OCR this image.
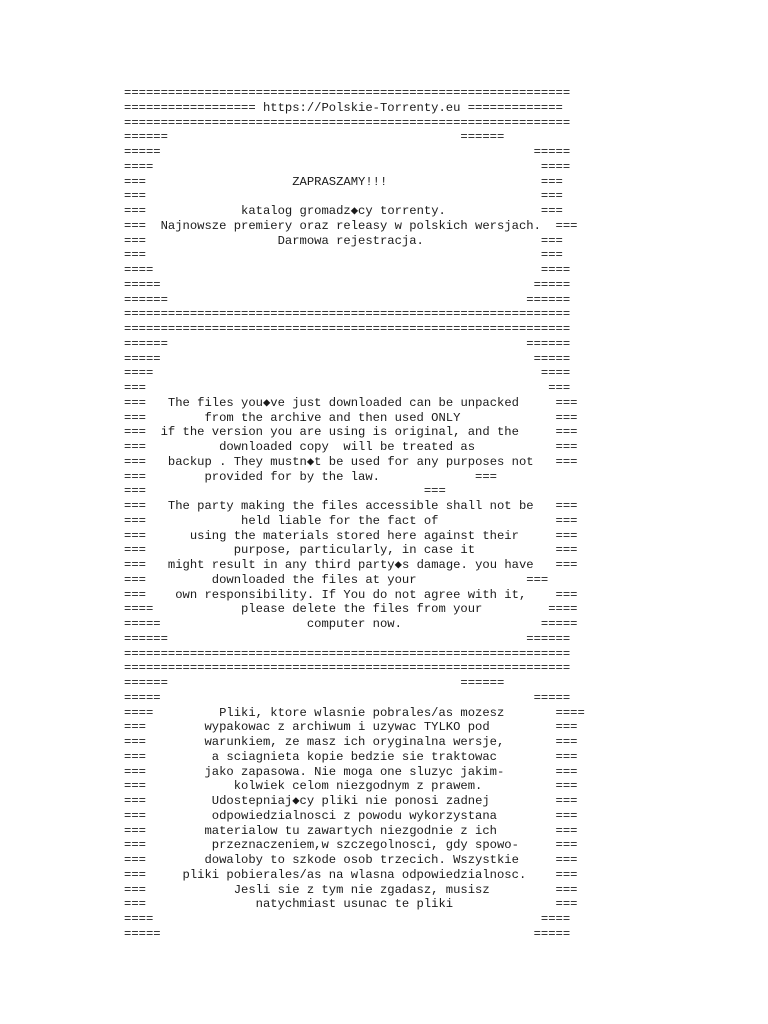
=============================================================
================== https://Polskie-Torrenty.eu =============
=============================================================
======                                        ======
=====                                                   =====
====                                                     ====
===                    ZAPRASZAMY!!!                     ===
===                                                      ===
===             katalog gromadz◆cy torrenty.             ===
===  Najnowsze premiery oraz releasy w polskich wersjach.  ===
===                  Darmowa rejestracja.                ===
===                                                      ===
====                                                     ====
=====                                                   =====
======                                                 ======
=============================================================
=============================================================
======                                                 ======
=====                                                   =====
====                                                     ====
===                                                       ===
===   The files you◆ve just downloaded can be unpacked     ===
===        from the archive and then used ONLY             ===
===  if the version you are using is original, and the     ===
===          downloaded copy  will be treated as           ===
===   backup . They mustn◆t be used for any purposes not   ===
===        provided for by the law.             ===
===                                      ===
===   The party making the files accessible shall not be   ===
===             held liable for the fact of                ===
===      using the materials stored here against their     ===
===            purpose, particularly, in case it           ===
===   might result in any third party◆s damage. you have   ===
===         downloaded the files at your               ===
===    own responsibility. If You do not agree with it,    ===
====            please delete the files from your         ====
=====                    computer now.                   =====
======                                                 ======
=============================================================
=============================================================
======                                        ======
=====                                                   =====
====         Pliki, ktore wlasnie pobrales/as mozesz       ====
===        wypakowac z archiwum i uzywac TYLKO pod         ===
===        warunkiem, ze masz ich oryginalna wersje,       ===
===         a sciagnieta kopie bedzie sie traktowac        ===
===        jako zapasowa. Nie moga one sluzyc jakim-       ===
===            kolwiek celom niezgodnym z prawem.          ===
===         Udostepniaj◆cy pliki nie ponosi zadnej         ===
===         odpowiedzialnosci z powodu wykorzystana        ===
===        materialow tu zawartych niezgodnie z ich        ===
===         przeznaczeniem,w szczegolnosci, gdy spowo-     ===
===        dowaloby to szkode osob trzecich. Wszystkie     ===
===     pliki pobierales/as na wlasna odpowiedzialnosc.    ===
===            Jesli sie z tym nie zgadasz, musisz         ===
===               natychmiast usunac te pliki              ===
====                                                     ====
=====                                                   =====
